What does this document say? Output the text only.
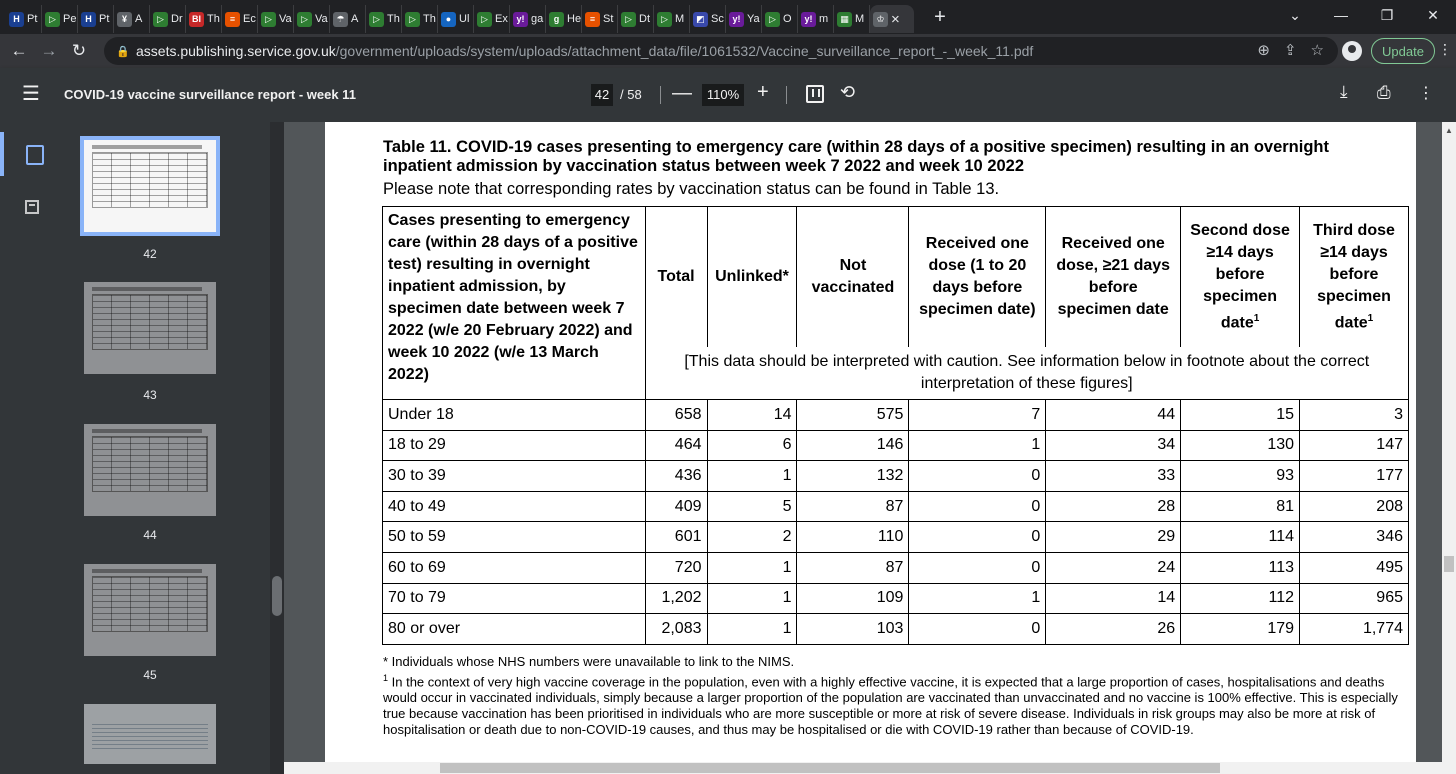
H Pt	▷ Pe H Pt	¥ A	▷ Dr	BI Th	≡ Ec	▷ Va	▷ Va ☂ A	▷ Th	▷ Th	● Ul	▷ Ex y! ga	g He ≡ St	▷ Dt	▷ M	◩ Sc y! Ya	▷ O	y! m	▦ M	♔ ×	+	⌄	—	❐	✕
← → ↻	🔒 assets.publishing.service.gov.uk /government/uploads/system/uploads/attachment_data/file/1061532/Vaccine_surveillance_report_-_week_11.pdf	⊕ ⇪ ☆	Update	⋮
☰ COVID-19 vaccine surveillance report - week 11	42 / 58 —	110% +	⟲	⤓ ⎙ ⋮
42
43
44
45
Table 11. COVID-19 cases presenting to emergency care (within 28 days of a positive specimen) resulting in an overnight inpatient admission by vaccination status between week 7 2022 and week 10 2022
Please note that corresponding rates by vaccination status can be found in Table 13.
Cases presenting to emergency care (within 28 days of a positive test) resulting in overnight inpatient admission, by specimen date between week 7 2022 (w/e 20 February 2022) and week 10 2022 (w/e 13 March 2022)	Total	Unlinked*	Not vaccinated	Received one dose (1 to 20 days before specimen date)	Received one dose, ≥21 days before specimen date	Second dose ≥14 days before specimen date$^1$	Third dose ≥14 days before specimen date$^1$
	[This data should be interpreted with caution. See information below in footnote about the correct interpretation of these figures]						
Under 18	658	14	575	7	44	15	3
18 to 29	464	6	146	1	34	130	147
30 to 39	436	1	132	0	33	93	177
40 to 49	409	5	87	0	28	81	208
50 to 59	601	2	110	0	29	114	346
60 to 69	720	1	87	0	24	113	495
70 to 79	1,202	1	109	1	14	112	965
80 or over	2,083	1	103	0	26	179	1,774
* Individuals whose NHS numbers were unavailable to link to the NIMS.
$^1$ In the context of very high vaccine coverage in the population, even with a highly effective vaccine, it is expected that a large proportion of cases, hospitalisations and deaths would occur in vaccinated individuals, simply because a larger proportion of the population are vaccinated than unvaccinated and no vaccine is 100% effective. This is especially true because vaccination has been prioritised in individuals who are more susceptible or more at risk of severe disease. Individuals in risk groups may also be more at risk of hospitalisation or death due to non-COVID-19 causes, and thus may be hospitalised or die with COVID-19 rather than because of COVID-19.
▲
